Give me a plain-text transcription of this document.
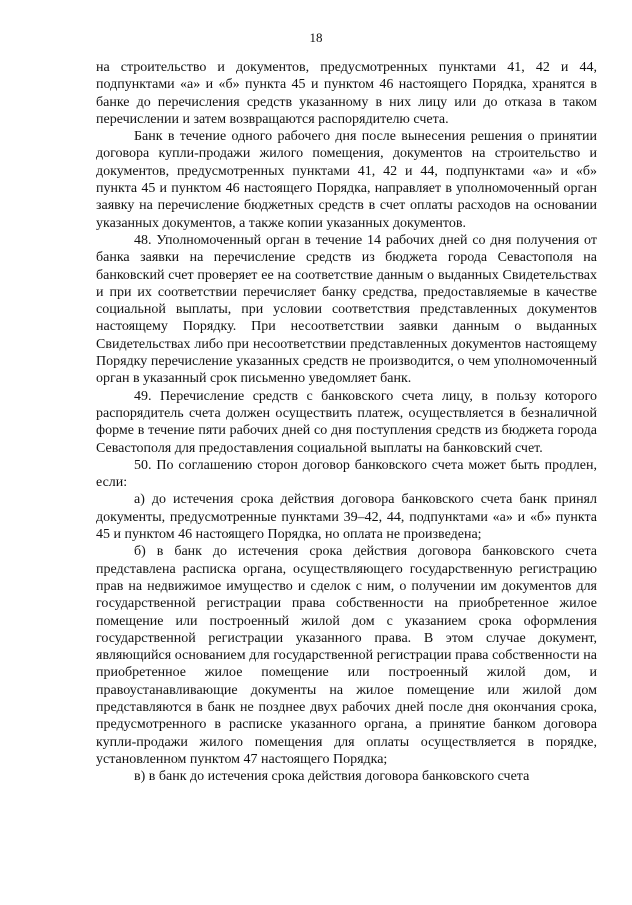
18

на строительство и документов, предусмотренных пунктами 41, 42 и 44, подпунктами «а» и «б» пункта 45 и пунктом 46 настоящего Порядка, хранятся в банке до перечисления средств указанному в них лицу или до отказа в таком перечислении и затем возвращаются распорядителю счета.

Банк в течение одного рабочего дня после вынесения решения о принятии договора купли-продажи жилого помещения, документов на строительство и документов, предусмотренных пунктами 41, 42 и 44, подпунктами «а» и «б» пункта 45 и пунктом 46 настоящего Порядка, направляет в уполномоченный орган заявку на перечисление бюджетных средств в счет оплаты расходов на основании указанных документов, а также копии указанных документов.

48. Уполномоченный орган в течение 14 рабочих дней со дня получения от банка заявки на перечисление средств из бюджета города Севастополя на банковский счет проверяет ее на соответствие данным о выданных Свидетельствах и при их соответствии перечисляет банку средства, предоставляемые в качестве социальной выплаты, при условии соответствия представленных документов настоящему Порядку. При несоответствии заявки данным о выданных Свидетельствах либо при несоответствии представленных документов настоящему Порядку перечисление указанных средств не производится, о чем уполномоченный орган в указанный срок письменно уведомляет банк.

49. Перечисление средств с банковского счета лицу, в пользу которого распорядитель счета должен осуществить платеж, осуществляется в безналичной форме в течение пяти рабочих дней со дня поступления средств из бюджета города Севастополя для предоставления социальной выплаты на банковский счет.

50. По соглашению сторон договор банковского счета может быть продлен, если:

а) до истечения срока действия договора банковского счета банк принял документы, предусмотренные пунктами 39–42, 44, подпунктами «а» и «б» пункта 45 и пунктом 46 настоящего Порядка, но оплата не произведена;

б) в банк до истечения срока действия договора банковского счета представлена расписка органа, осуществляющего государственную регистрацию прав на недвижимое имущество и сделок с ним, о получении им документов для государственной регистрации права собственности на приобретенное жилое помещение или построенный жилой дом с указанием срока оформления государственной регистрации указанного права. В этом случае документ, являющийся основанием для государственной регистрации права собственности на приобретенное жилое помещение или построенный жилой дом, и правоустанавливающие документы на жилое помещение или жилой дом представляются в банк не позднее двух рабочих дней после дня окончания срока, предусмотренного в расписке указанного органа, а принятие банком договора купли-продажи жилого помещения для оплаты осуществляется в порядке, установленном пунктом 47 настоящего Порядка;

в) в банк до истечения срока действия договора банковского счета
